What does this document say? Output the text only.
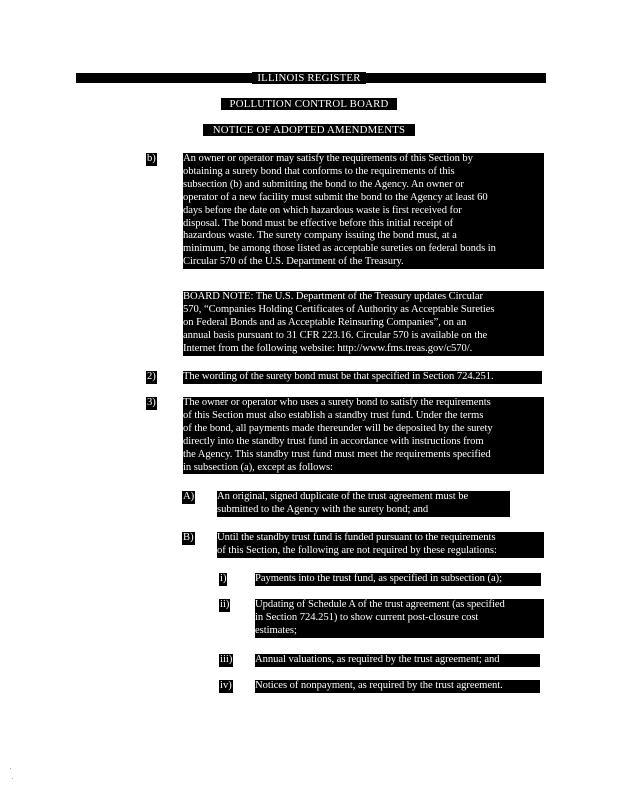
ILLINOIS REGISTER
POLLUTION CONTROL BOARD
NOTICE OF ADOPTED AMENDMENTS
b)	An owner or operator may satisfy the requirements of this Section by
obtaining a surety bond that conforms to the requirements of this
subsection (b) and submitting the bond to the Agency. An owner or
operator of a new facility must submit the bond to the Agency at least 60
days before the date on which hazardous waste is first received for
disposal. The bond must be effective before this initial receipt of
hazardous waste. The surety company issuing the bond must, at a
minimum, be among those listed as acceptable sureties on federal bonds in
Circular 570 of the U.S. Department of the Treasury.
BOARD NOTE: The U.S. Department of the Treasury updates Circular
570, “Companies Holding Certificates of Authority as Acceptable Sureties
on Federal Bonds and as Acceptable Reinsuring Companies”, on an
annual basis pursuant to 31 CFR 223.16. Circular 570 is available on the
Internet from the following website: http://www.fms.treas.gov/c570/.
2)	The wording of the surety bond must be that specified in Section 724.251.
3)	The owner or operator who uses a surety bond to satisfy the requirements
of this Section must also establish a standby trust fund. Under the terms
of the bond, all payments made thereunder will be deposited by the surety
directly into the standby trust fund in accordance with instructions from
the Agency. This standby trust fund must meet the requirements specified
in subsection (a), except as follows:
A) An original, signed duplicate of the trust agreement must be
submitted to the Agency with the surety bond; and
B) Until the standby trust fund is funded pursuant to the requirements
of this Section, the following are not required by these regulations:
i)	Payments into the trust fund, as specified in subsection (a);
ii) Updating of Schedule A of the trust agreement (as specified
in Section 724.251) to show current post-closure cost
estimates;
iii) Annual valuations, as required by the trust agreement; and
iv) Notices of nonpayment, as required by the trust agreement.
